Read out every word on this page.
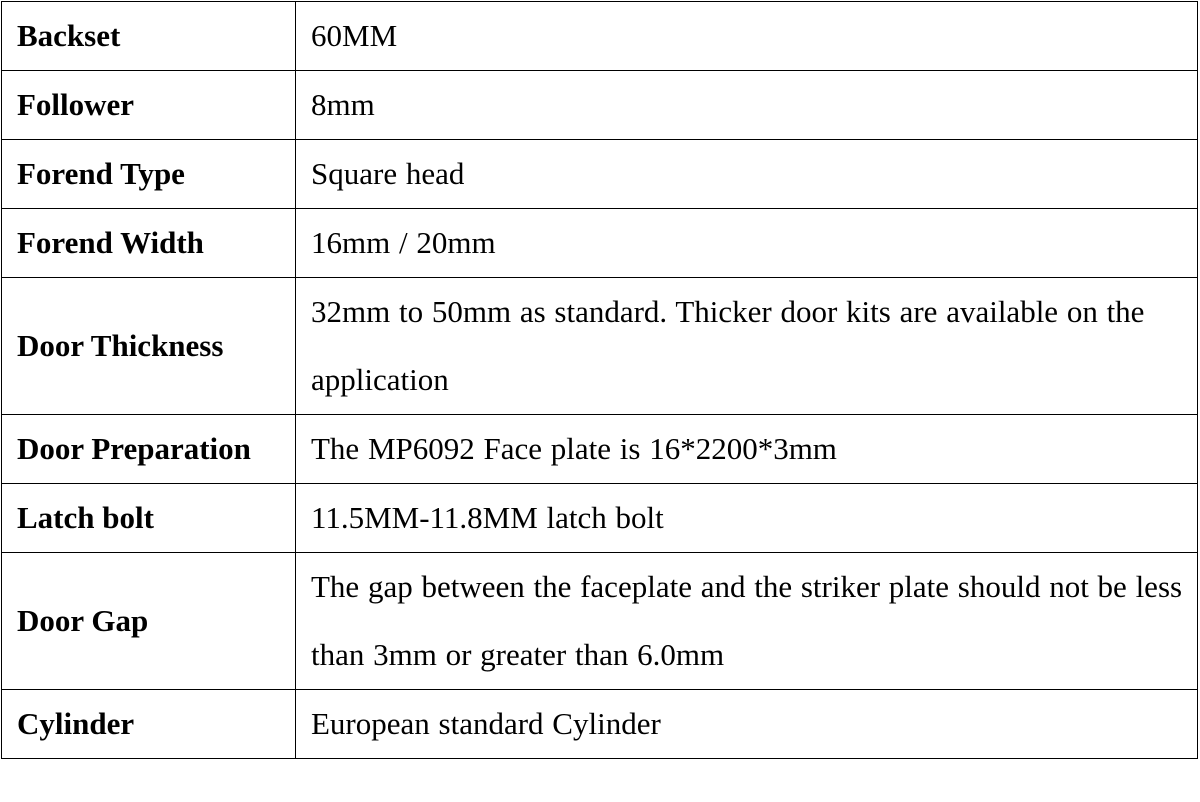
Backset	60MM
Follower	8mm
Forend Type	Square head
Forend Width	16mm / 20mm
Door Thickness	32mm to 50mm as standard. Thicker door kits are available on the application
Door Preparation	The MP6092 Face plate is 16*2200*3mm
Latch bolt	11.5MM-11.8MM latch bolt
Door Gap	The gap between the faceplate and the striker plate should not be less than 3mm or greater than 6.0mm
Cylinder	European standard Cylinder
